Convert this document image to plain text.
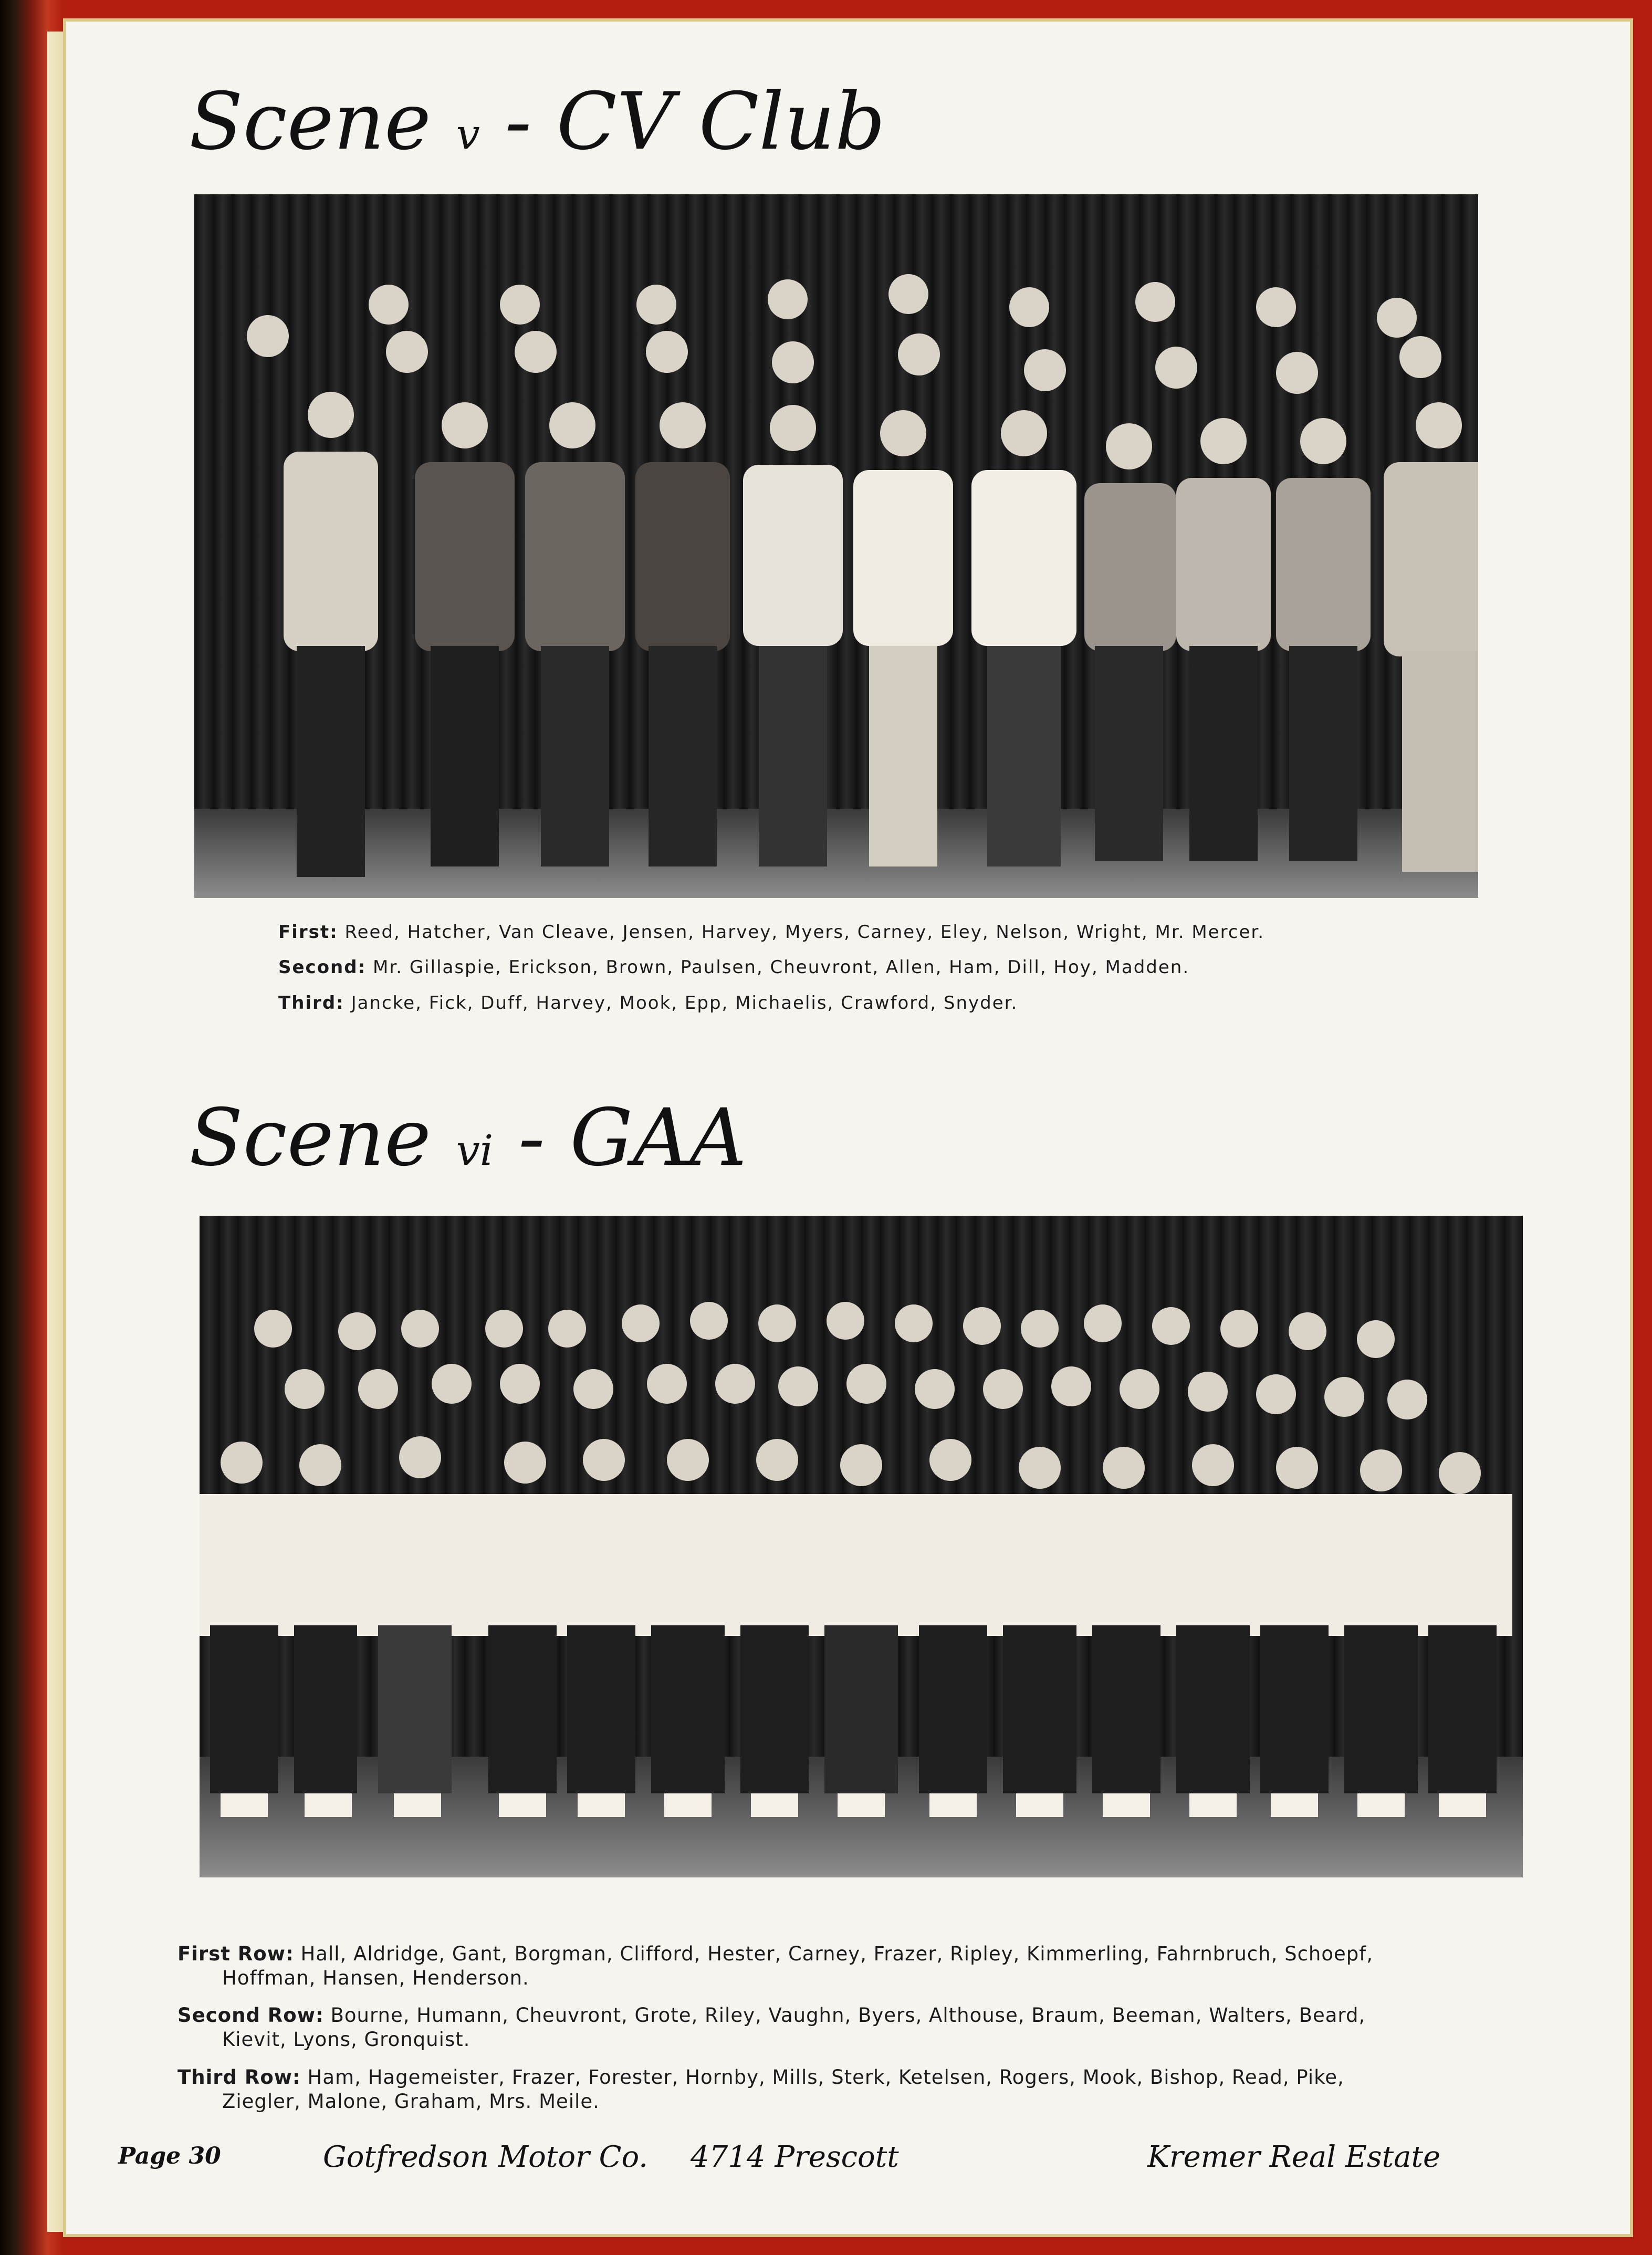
Scene v - CV Club
First: Reed, Hatcher, Van Cleave, Jensen, Harvey, Myers, Carney, Eley, Nelson, Wright, Mr. Mercer.
Second: Mr. Gillaspie, Erickson, Brown, Paulsen, Cheuvront, Allen, Ham, Dill, Hoy, Madden.
Third: Jancke, Fick, Duff, Harvey, Mook, Epp, Michaelis, Crawford, Snyder.
Scene vi - GAA
First Row: Hall, Aldridge, Gant, Borgman, Clifford, Hester, Carney, Frazer, Ripley, Kimmerling, Fahrnbruch, Schoepf,
Hoffman, Hansen, Henderson.
Second Row: Bourne, Humann, Cheuvront, Grote, Riley, Vaughn, Byers, Althouse, Braum, Beeman, Walters, Beard,
Kievit, Lyons, Gronquist.
Third Row: Ham, Hagemeister, Frazer, Forester, Hornby, Mills, Sterk, Ketelsen, Rogers, Mook, Bishop, Read, Pike,
Ziegler, Malone, Graham, Mrs. Meile.
Page 30	Gotfredson Motor Co. 4714 Prescott	Kremer Real Estate
